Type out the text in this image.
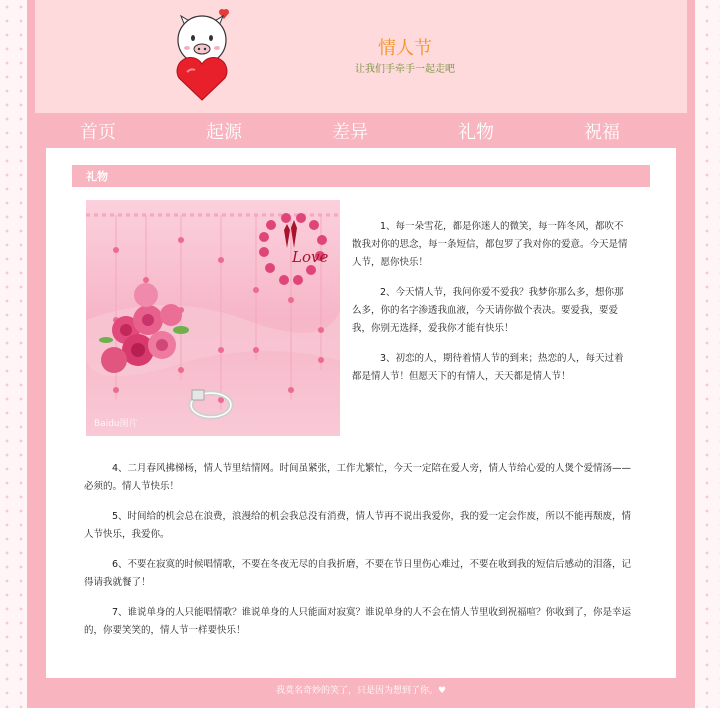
情人节
让我们手牵手一起走吧
首页	起源	差异	礼物	祝福
礼物
Love
Baidu图片

1、每一朵雪花，都是你迷人的微笑，每一阵冬风，都吹不散我对你的思念，每一条短信，都包罗了我对你的爱意。今天是情人节，愿你快乐！

2、今天情人节，我问你爱不爱我？我梦你那么多，想你那么多，你的名字渗透我血液，今天请你做个表决。要爱我，要爱我，你别无选择，爱我你才能有快乐！

3、初恋的人，期待着情人节的到来；热恋的人，每天过着都是情人节！但愿天下的有情人，天天都是情人节！

4、二月春风拂梯杨，情人节里结情网。时间虽紧张，工作尤繁忙，今天一定陪在爱人旁，情人节给心爱的人煲个爱情汤——必须的。情人节快乐！

5、时间给的机会总在浪费，浪漫给的机会我总没有消费，情人节再不说出我爱你，我的爱一定会作废，所以不能再颓废，情人节快乐，我爱你。

6、不要在寂寞的时候唱情歌，不要在冬夜无尽的自我折磨，不要在节日里伤心难过，不要在收到我的短信后感动的泪落，记得请我就餐了！

7、谁说单身的人只能唱情歌？谁说单身的人只能面对寂寞？谁说单身的人不会在情人节里收到祝福喧？你收到了，你是幸运的，你要笑笑的，情人节一样要快乐！

我莫名奇妙的笑了，只是因为想到了你。♥
